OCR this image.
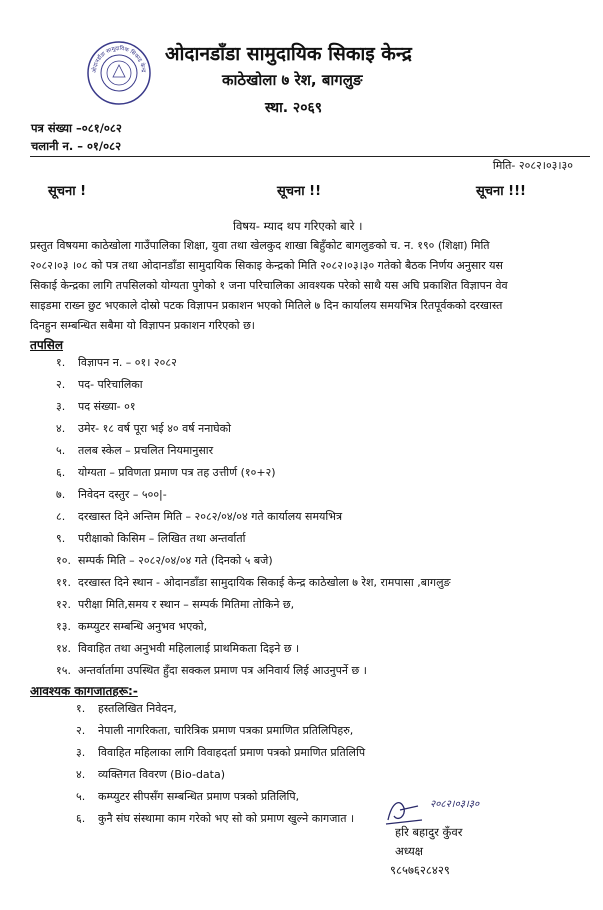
ओदानडाँडा सामुदायिक सिकाइ केन्द्र
ओदानडाँडा सामुदायिक सिकाइ केन्द्र
काठेखोला ७ रेश, बागलुङ
स्था. २०६९
पत्र संख्या –०८१/०८२
चलानी न. – ०१/०८२
मिति- २०८२।०३।३०
सूचना !	सूचना !!	सूचना !!!
विषय- म्याद थप गरिएको बारे ।
प्रस्तुत विषयमा काठेखोला गाउँपालिका शिक्षा, युवा तथा खेलकुद शाखा बिहुँकोट बागलुङको च. न. १९० (शिक्षा) मिति
२०८२।०३ ।०८ को पत्र तथा ओदानडाँडा सामुदायिक सिकाइ केन्द्रको मिति २०८२।०३।३० गतेको बैठक निर्णय अनुसार यस
सिकाई केन्द्रका लागि तपसिलको योग्यता पुगेको १ जना परिचालिका आवश्यक परेको साथै यस अघि प्रकाशित विज्ञापन वेव
साइडमा राख्न छुट भएकाले दोस्रो पटक विज्ञापन प्रकाशन भएको मितिले ७ दिन कार्यालय समयभित्र रितपूर्वकको दरखास्त
दिनहुन सम्बन्धित सबैमा यो विज्ञापन प्रकाशन गरिएको छ।
तपसिल
१. विज्ञापन न. – ०१। २०८२
२. पद- परिचालिका
३. पद संख्या- ०१
४. उमेर- १८ वर्ष पूरा भई ४० वर्ष ननाघेको
५. तलब स्केल – प्रचलित नियमानुसार
६. योग्यता – प्रविणता प्रमाण पत्र तह उत्तीर्ण (१०+२)
७. निवेदन दस्तुर – ५००|-
८. दरखास्त दिने अन्तिम मिति – २०८२/०४/०४ गते कार्यालय समयभित्र
९. परीक्षाको किसिम – लिखित तथा अन्तर्वार्ता
१०. सम्पर्क मिति – २०८२/०४/०४ गते (दिनको ५ बजे)
११. दरखास्त दिने स्थान - ओदानडाँडा सामुदायिक सिकाई केन्द्र काठेखोला ७ रेश, रामपासा ,बागलुङ
१२. परीक्षा मिति,समय र स्थान – सम्पर्क मितिमा तोकिने छ,
१३. कम्प्युटर सम्बन्धि अनुभव भएको,
१४. विवाहित तथा अनुभवी महिलालाई प्राथमिकता दिइने छ ।
१५. अन्तर्वार्तामा उपस्थित हुँदा सक्कल प्रमाण पत्र अनिवार्य लिई आउनुपर्ने छ ।
आवश्यक कागजातहरू:-
१. हस्तलिखित निवेदन,
२. नेपाली नागरिकता, चारित्रिक प्रमाण पत्रका प्रमाणित प्रतिलिपिहरु,
३. विवाहित महिलाका लागि विवाहदर्ता प्रमाण पत्रको प्रमाणित प्रतिलिपि
४. व्यक्तिगत विवरण (Bio-data)
५. कम्प्युटर सीपसँग सम्बन्धित प्रमाण पत्रको प्रतिलिपि,
६. कुनै संघ संस्थामा काम गरेको भए सो को प्रमाण खुल्ने कागजात ।
२०८२।०३।३०
हरि बहादुर कुँवर
अध्यक्ष
९८५७६२८४२९
